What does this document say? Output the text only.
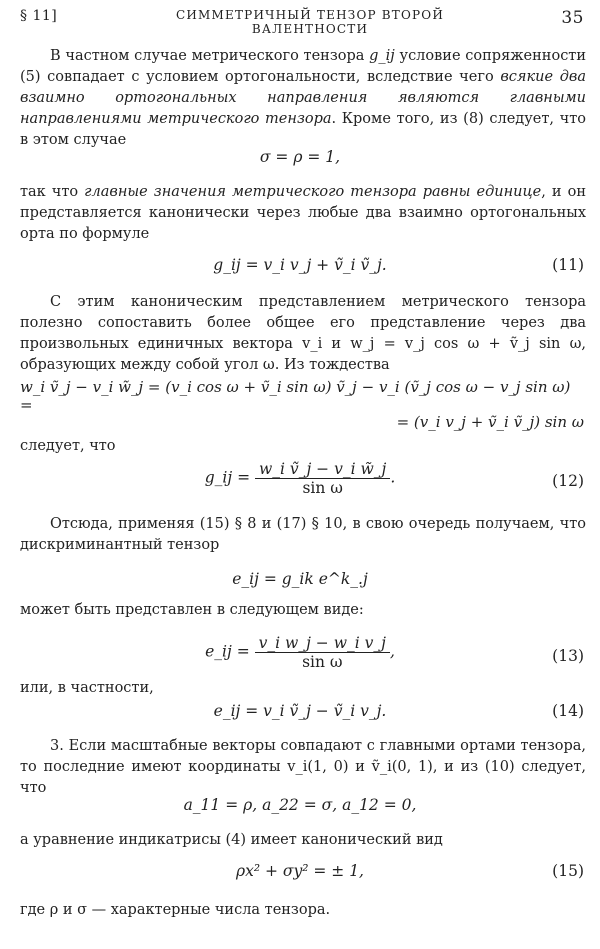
§ 11]	СИММЕТРИЧНЫЙ ТЕНЗОР ВТОРОЙ ВАЛЕНТНОСТИ
35
В частном случае метрического тензора g_ij условие сопряженности (5) совпадает с условием ортогональности, вследствие чего всякие два взаимно ортогональных направления являются главными направлениями метрического тензора. Кроме того, из (8) следует, что в этом случае
σ = ρ = 1,
так что главные значения метрического тензора равны единице, и он представляется канонически через любые два взаимно ортогональных орта по формуле
g_ij = v_i v_j + ṽ_i ṽ_j.	(11)
С этим каноническим представлением метрического тензора полезно сопоставить более общее его представление через два произвольных единичных вектора v_i и w_j = v_j cos ω + ṽ_j sin ω, образующих между собой угол ω. Из тождества
w_i ṽ_j − v_i w̃_j = (v_i cos ω + ṽ_i sin ω) ṽ_j − v_i (ṽ_j cos ω − v_j sin ω) =
= (v_i v_j + ṽ_i ṽ_j) sin ω
следует, что
g_ij = $\frac{\text{w\_i ṽ\_j − v\_i w̃\_j}}{\text{sin ω}}$ .	(12)
Отсюда, применяя (15) § 8 и (17) § 10, в свою очередь получаем, что дискриминантный тензор
e_ij = g_ik e^k_.j
может быть представлен в следующем виде:
e_ij = $\frac{\text{v\_i w\_j − w\_i v\_j}}{\text{sin ω}}$ ,	(13)
или, в частности,
e_ij = v_i ṽ_j − ṽ_i v_j.	(14)
3. Если масштабные векторы совпадают с главными ортами тензора, то последние имеют координаты v_i(1, 0) и ṽ_i(0, 1), и из (10) следует, что
a_11 = ρ, a_22 = σ, a_12 = 0,
а уравнение индикатрисы (4) имеет канонический вид
ρx² + σy² = ± 1,	(15)
где ρ и σ — характерные числа тензора.
